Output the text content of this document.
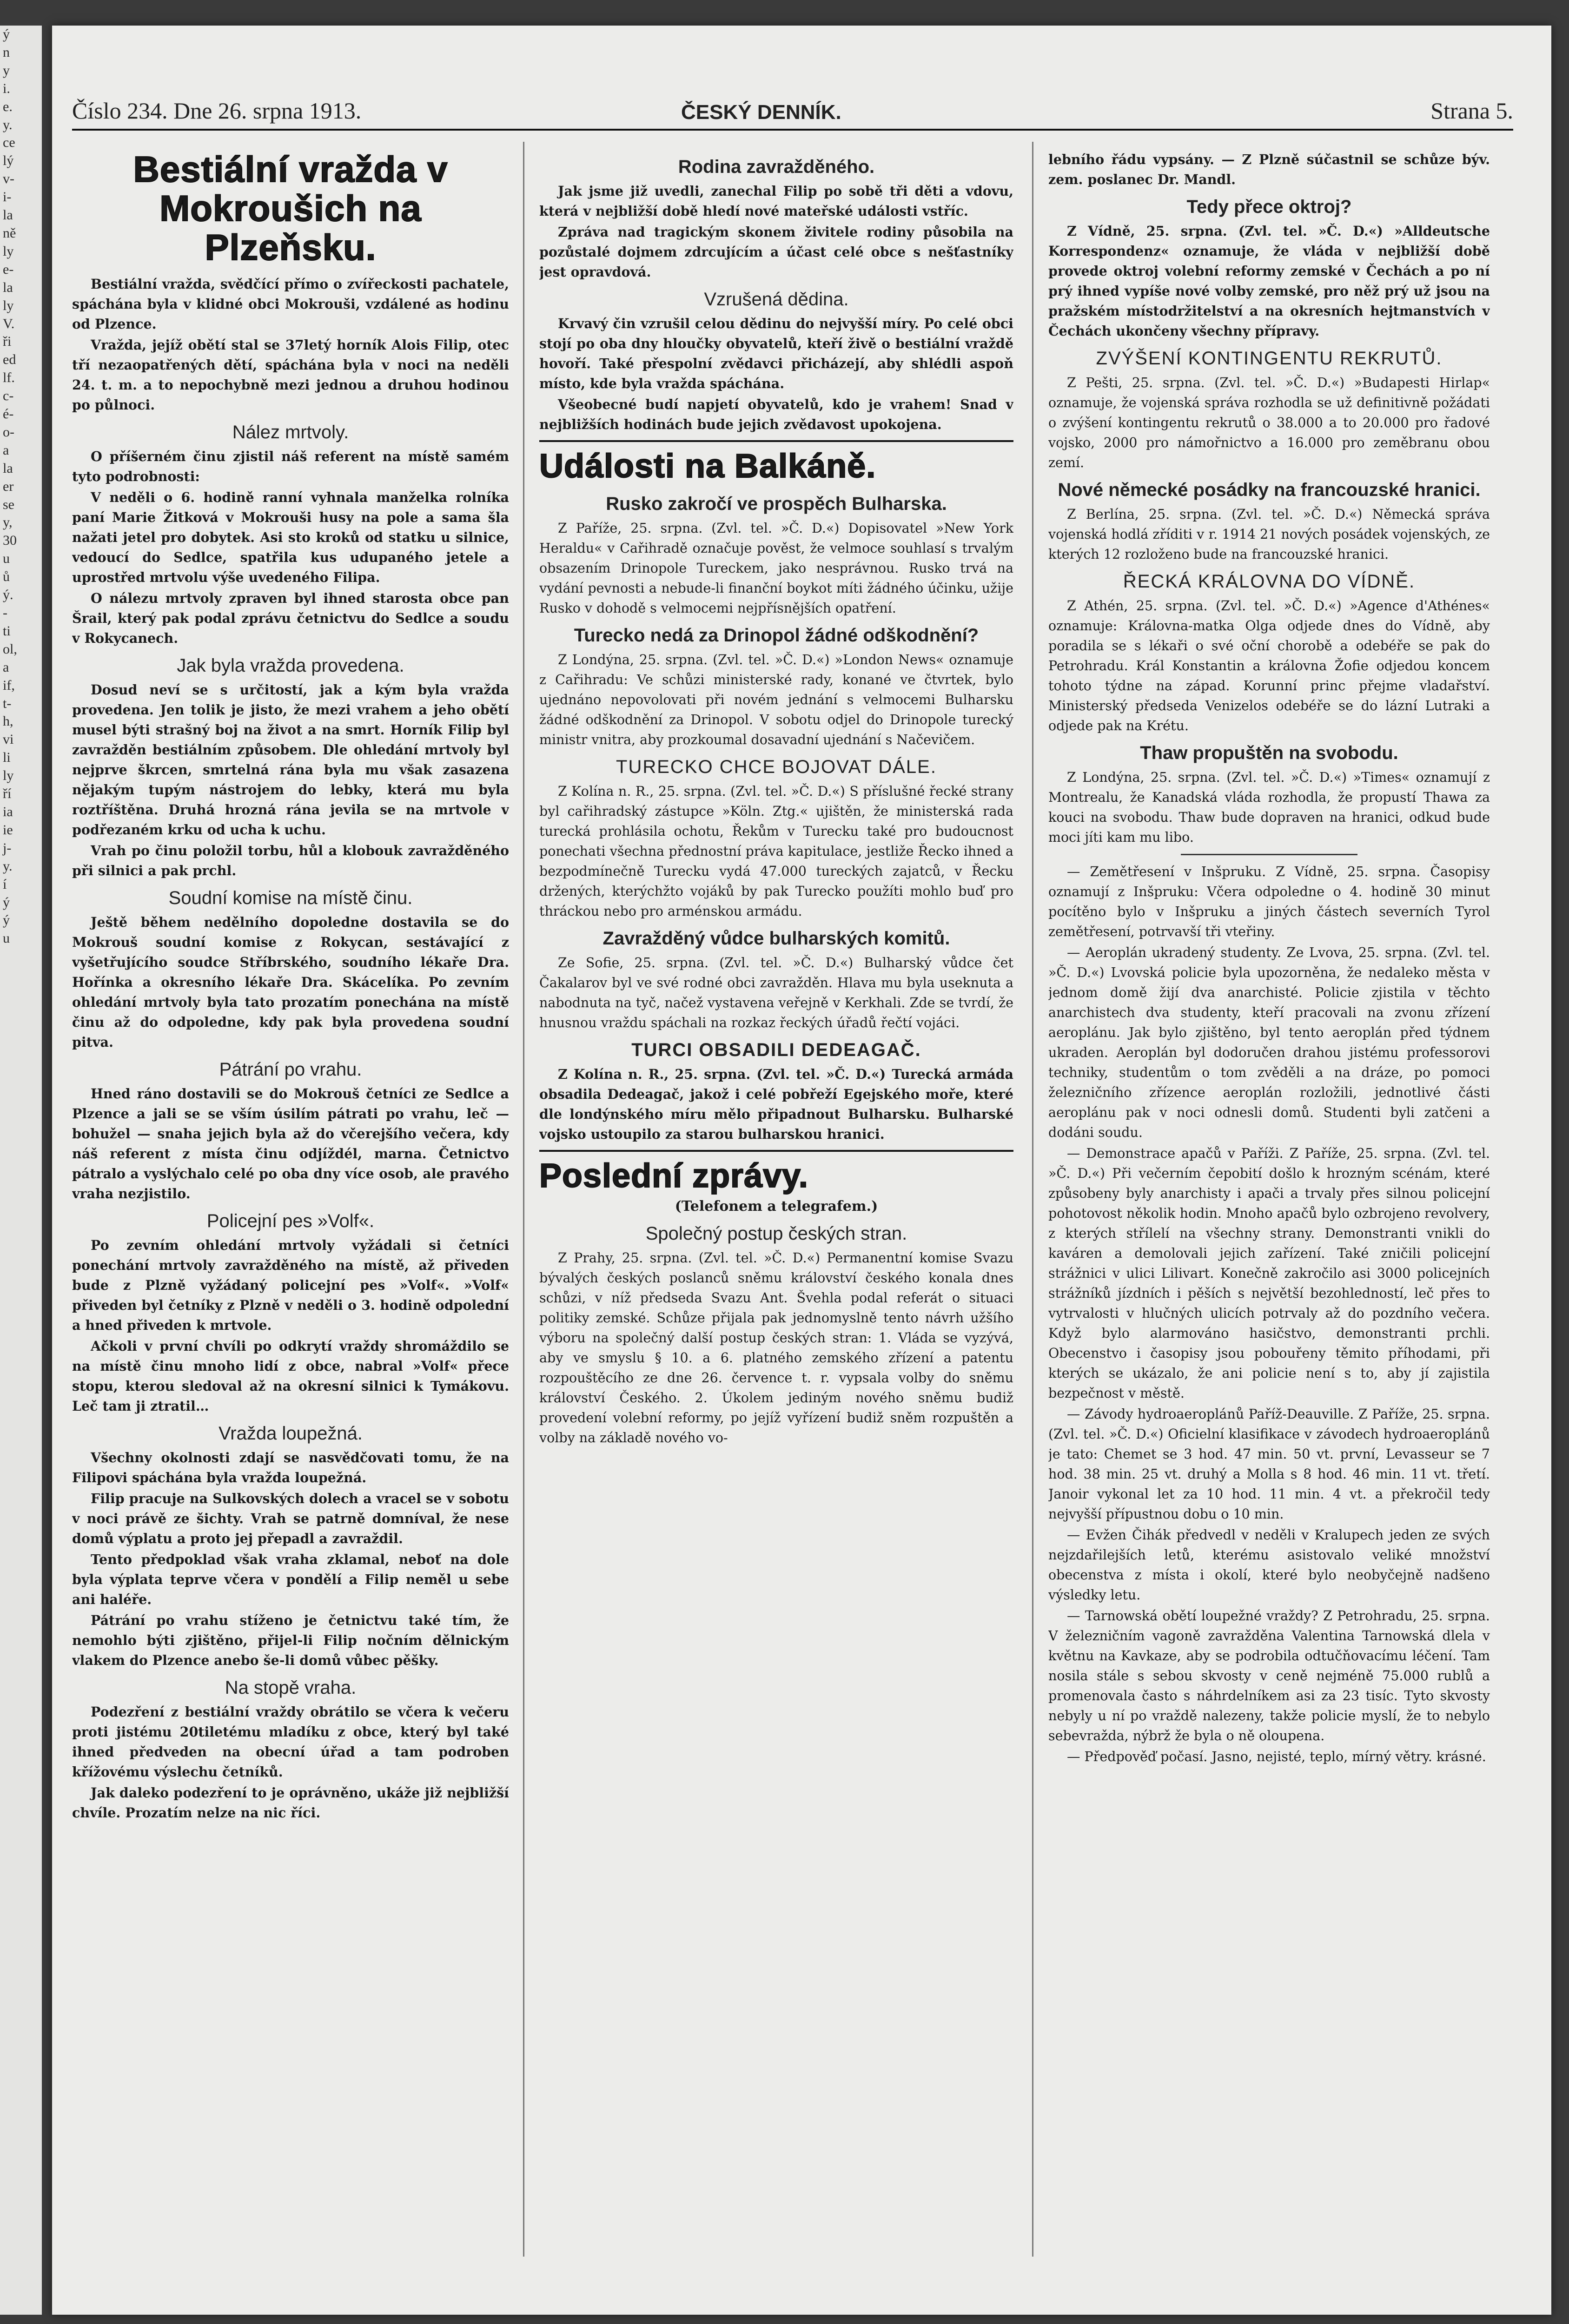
ý
n
y
i.
e.
y.
ce
lý
v-
i-
la
ně
ly
e-
la
ly
V.
ři
ed
lf.
c-
é-
o-
a
la
er
se
y,
30
u
ů
ý.
-
ti
ol,
a
if,
t-
h,
vi
li
ly
ří
ia
ie
j-
y.
í
ý
ý
u
Číslo 234. Dne 26. srpna 1913.	ČESKÝ DENNÍK.	Strana 5.

Bestiální vražda v Mokroušich na Plzeňsku.

Bestiální vražda, svědčící přímo o zvířeckosti pachatele, spáchána byla v klidné obci Mokrouši, vzdálené as hodinu od Plzence.

Vražda, jejíž obětí stal se 37letý horník Alois Filip, otec tří nezaopatřených dětí, spáchána byla v noci na neděli 24. t. m. a to nepochybně mezi jednou a druhou hodinou po půlnoci.

Nález mrtvoly.

O příšerném činu zjistil náš referent na místě samém tyto podrobnosti:

V neděli o 6. hodině ranní vyhnala manželka rolníka paní Marie Žitková v Mokrouši husy na pole a sama šla nažati jetel pro dobytek. Asi sto kroků od statku u silnice, vedoucí do Sedlce, spatřila kus udupaného jetele a uprostřed mrtvolu výše uvedeného Filipa.

O nálezu mrtvoly zpraven byl ihned starosta obce pan Šrail, který pak podal zprávu četnictvu do Sedlce a soudu v Rokycanech.

Jak byla vražda provedena.

Dosud neví se s určitostí, jak a kým byla vražda provedena. Jen tolik je jisto, že mezi vrahem a jeho obětí musel býti strašný boj na život a na smrt. Horník Filip byl zavražděn bestiálním způsobem. Dle ohledání mrtvoly byl nejprve škrcen, smrtelná rána byla mu však zasazena nějakým tupým nástrojem do lebky, která mu byla roztříštěna. Druhá hrozná rána jevila se na mrtvole v podřezaném krku od ucha k uchu.

Vrah po činu položil torbu, hůl a klobouk zavražděného při silnici a pak prchl.

Soudní komise na místě činu.

Ještě během nedělního dopoledne dostavila se do Mokrouš soudní komise z Rokycan, sestávající z vyšetřujícího soudce Stříbrského, soudního lékaře Dra. Hořínka a okresního lékaře Dra. Skácelíka. Po zevním ohledání mrtvoly byla tato prozatím ponechána na místě činu až do odpoledne, kdy pak byla provedena soudní pitva.

Pátrání po vrahu.

Hned ráno dostavili se do Mokrouš četníci ze Sedlce a Plzence a jali se se vším úsilím pátrati po vrahu, leč — bohužel — snaha jejich byla až do včerejšího večera, kdy náš referent z místa činu odjíždél, marna. Četnictvo pátralo a vyslýchalo celé po oba dny více osob, ale pravého vraha nezjistilo.

Policejní pes »Volf«.

Po zevním ohledání mrtvoly vyžádali si četníci ponechání mrtvoly zavražděného na místě, až přiveden bude z Plzně vyžádaný policejní pes »Volf«. »Volf« přiveden byl četníky z Plzně v neděli o 3. hodině odpolední a hned přiveden k mrtvole.

Ačkoli v první chvíli po odkrytí vraždy shromáždilo se na místě činu mnoho lidí z obce, nabral »Volf« přece stopu, kterou sledoval až na okresní silnici k Tymákovu. Leč tam ji ztratil…

Vražda loupežná.

Všechny okolnosti zdají se nasvědčovati tomu, že na Filipovi spáchána byla vražda loupežná.

Filip pracuje na Sulkovských dolech a vracel se v sobotu v noci právě ze šichty. Vrah se patrně domníval, že nese domů výplatu a proto jej přepadl a zavraždil.

Tento předpoklad však vraha zklamal, neboť na dole byla výplata teprve včera v pondělí a Filip neměl u sebe ani haléře.

Pátrání po vrahu stíženo je četnictvu také tím, že nemohlo býti zjištěno, přijel-li Filip nočním dělnickým vlakem do Plzence anebo še-li domů vůbec pěšky.

Na stopě vraha.

Podezření z bestiální vraždy obrátilo se včera k večeru proti jistému 20tiletému mladíku z obce, který byl také ihned předveden na obecní úřad a tam podroben křížovému výslechu četníků.

Jak daleko podezření to je oprávněno, ukáže již nejbližší chvíle. Prozatím nelze na nic říci.

Rodina zavražděného.

Jak jsme již uvedli, zanechal Filip po sobě tři děti a vdovu, která v nejbližší době hledí nové mateřské události vstříc.

Zpráva nad tragickým skonem živitele rodiny působila na pozůstalé dojmem zdrcujícím a účast celé obce s nešťastníky jest opravdová.

Vzrušená dědina.

Krvavý čin vzrušil celou dědinu do nejvyšší míry. Po celé obci stojí po oba dny hloučky obyvatelů, kteří živě o bestiální vraždě hovoří. Také přespolní zvědavci přicházejí, aby shlédli aspoň místo, kde byla vražda spáchána.

Všeobecné budí napjetí obyvatelů, kdo je vrahem! Snad v nejbližších hodinách bude jejich zvědavost upokojena.

Události na Balkáně.
Rusko zakročí ve prospěch Bulharska.

Z Paříže, 25. srpna. (Zvl. tel. »Č. D.«) Dopisovatel »New York Heraldu« v Cařihradě označuje pověst, že velmoce souhlasí s trvalým obsazením Drinopole Tureckem, jako nesprávnou. Rusko trvá na vydání pevnosti a nebude-li finanční boykot míti žádného účinku, užije Rusko v dohodě s velmocemi nejpřísnějších opatření.

Turecko nedá za Drinopol žádné odškodnění?

Z Londýna, 25. srpna. (Zvl. tel. »Č. D.«) »London News« oznamuje z Cařihradu: Ve schůzi ministerské rady, konané ve čtvrtek, bylo ujednáno nepovolovati při novém jednání s velmocemi Bulharsku žádné odškodnění za Drinopol. V sobotu odjel do Drinopole turecký ministr vnitra, aby prozkoumal dosavadní ujednání s Načevičem.

TURECKO CHCE BOJOVAT DÁLE.

Z Kolína n. R., 25. srpna. (Zvl. tel. »Č. D.«) S příslušné řecké strany byl cařihradský zástupce »Köln. Ztg.« ujištěn, že ministerská rada turecká prohlásila ochotu, Řekům v Turecku také pro budoucnost ponechati všechna přednostní práva kapitulace, jestliže Řecko ihned a bezpodmínečně Turecku vydá 47.000 tureckých zajatců, v Řecku držených, kterýchžto vojáků by pak Turecko použíti mohlo buď pro thráckou nebo pro arménskou armádu.

Zavražděný vůdce bulharských komitů.

Ze Sofie, 25. srpna. (Zvl. tel. »Č. D.«) Bulharský vůdce čet Čakalarov byl ve své rodné obci zavražděn. Hlava mu byla useknuta a nabodnuta na tyč, načež vystavena veřejně v Kerkhali. Zde se tvrdí, že hnusnou vraždu spáchali na rozkaz řeckých úřadů řečtí vojáci.

TURCI OBSADILI DEDEAGAČ.

Z Kolína n. R., 25. srpna. (Zvl. tel. »Č. D.«) Turecká armáda obsadila Dedeagač, jakož i celé pobřeží Egejského moře, které dle londýnského míru mělo připadnout Bulharsku. Bulharské vojsko ustoupilo za starou bulharskou hranici.

Poslední zprávy.

(Telefonem a telegrafem.)

Společný postup českých stran.

Z Prahy, 25. srpna. (Zvl. tel. »Č. D.«) Permanentní komise Svazu bývalých českých poslanců sněmu království českého konala dnes schůzi, v níž předseda Svazu Ant. Švehla podal referát o situaci politiky zemské. Schůze přijala pak jednomyslně tento návrh užšího výboru na společný další postup českých stran: 1. Vláda se vyzývá, aby ve smyslu § 10. a 6. platného zemského zřízení a patentu rozpouštěcího ze dne 26. července t. r. vypsala volby do sněmu království Českého. 2. Úkolem jediným nového sněmu budiž provedení volební reformy, po jejíž vyřízení budiž sněm rozpuštěn a volby na základě nového vo-

lebního řádu vypsány. — Z Plzně súčastnil se schůze býv. zem. poslanec Dr. Mandl.

Tedy přece oktroj?

Z Vídně, 25. srpna. (Zvl. tel. »Č. D.«) »Alldeutsche Korrespondenz« oznamuje, že vláda v nejbližší době provede oktroj volební reformy zemské v Čechách a po ní prý ihned vypíše nové volby zemské, pro něž prý už jsou na pražském místodržitelství a na okresních hejtmanstvích v Čechách ukončeny všechny přípravy.

ZVÝŠENÍ KONTINGENTU REKRUTŮ.

Z Pešti, 25. srpna. (Zvl. tel. »Č. D.«) »Budapesti Hirlap« oznamuje, že vojenská správa rozhodla se už definitivně požádati o zvýšení kontingentu rekrutů o 38.000 a to 20.000 pro řadové vojsko, 2000 pro námořnictvo a 16.000 pro zeměbranu obou zemí.

Nové německé posádky na francouzské hranici.

Z Berlína, 25. srpna. (Zvl. tel. »Č. D.«) Německá správa vojenská hodlá zříditi v r. 1914 21 nových posádek vojenských, ze kterých 12 rozloženo bude na francouzské hranici.

ŘECKÁ KRÁLOVNA DO VÍDNĚ.

Z Athén, 25. srpna. (Zvl. tel. »Č. D.«) »Agence d'Athénes« oznamuje: Královna-matka Olga odjede dnes do Vídně, aby poradila se s lékaři o své oční chorobě a odebéře se pak do Petrohradu. Král Konstantin a královna Žofie odjedou koncem tohoto týdne na západ. Korunní princ přejme vladařství. Ministerský předseda Venizelos odebéře se do lázní Lutraki a odjede pak na Krétu.

Thaw propuštěn na svobodu.

Z Londýna, 25. srpna. (Zvl. tel. »Č. D.«) »Times« oznamují z Montrealu, že Kanadská vláda rozhodla, že propustí Thawa za kouci na svobodu. Thaw bude dopraven na hranici, odkud bude moci jíti kam mu libo.

— Zemětřesení v Inšpruku. Z Vídně, 25. srpna. Časopisy oznamují z Inšpruku: Včera odpoledne o 4. hodině 30 minut pocítěno bylo v Inšpruku a jiných částech severních Tyrol zemětřesení, potrvavší tři vteřiny.

— Aeroplán ukradený studenty. Ze Lvova, 25. srpna. (Zvl. tel. »Č. D.«) Lvovská policie byla upozorněna, že nedaleko města v jednom domě žijí dva anarchisté. Policie zjistila v těchto anarchistech dva studenty, kteří pracovali na zvonu zřízení aeroplánu. Jak bylo zjištěno, byl tento aeroplán před týdnem ukraden. Aeroplán byl dodoručen drahou jistému professorovi techniky, studentům o tom zvěděli a na dráze, po pomoci železničního zřízence aeroplán rozložili, jednotlivé části aeroplánu pak v noci odnesli domů. Studenti byli zatčeni a dodáni soudu.

— Demonstrace apačů v Paříži. Z Paříže, 25. srpna. (Zvl. tel. »Č. D.«) Při večerním čepobití došlo k hrozným scénám, které způsobeny byly anarchisty i apači a trvaly přes silnou policejní pohotovost několik hodin. Mnoho apačů bylo ozbrojeno revolvery, z kterých střílelí na všechny strany. Demonstranti vnikli do kaváren a demolovali jejich zařízení. Také zničili policejní strážnici v ulici Lilivart. Konečně zakročilo asi 3000 policejních strážníků jízdních i pěších s největší bezohledností, leč přes to vytrvalosti v hlučných ulicích potrvaly až do pozdního večera. Když bylo alarmováno hasičstvo, demonstranti prchli. Obecenstvo i časopisy jsou pobouřeny těmito příhodami, při kterých se ukázalo, že ani policie není s to, aby jí zajistila bezpečnost v městě.

— Závody hydroaeroplánů Paříž-Deauville. Z Paříže, 25. srpna. (Zvl. tel. »Č. D.«) Oficielní klasifikace v závodech hydroaeroplánů je tato: Chemet se 3 hod. 47 min. 50 vt. první, Levasseur se 7 hod. 38 min. 25 vt. druhý a Molla s 8 hod. 46 min. 11 vt. třetí. Janoir vykonal let za 10 hod. 11 min. 4 vt. a překročil tedy nejvyšší přípustnou dobu o 10 min.

— Evžen Čihák předvedl v neděli v Kralupech jeden ze svých nejzdařilejších letů, kterému asistovalo veliké množství obecenstva z místa i okolí, které bylo neobyčejně nadšeno výsledky letu.

— Tarnowská obětí loupežné vraždy? Z Petrohradu, 25. srpna. V železničním vagoně zavražděna Valentina Tarnowská dlela v květnu na Kavkaze, aby se podrobila odtučňovacímu léčení. Tam nosila stále s sebou skvosty v ceně nejméně 75.000 rublů a promenovala často s náhrdelníkem asi za 23 tisíc. Tyto skvosty nebyly u ní po vraždě nalezeny, takže policie myslí, že to nebylo sebevražda, nýbrž že byla o ně oloupena.

— Předpověď počasí. Jasno, nejisté, teplo, mírný větry. krásné.
